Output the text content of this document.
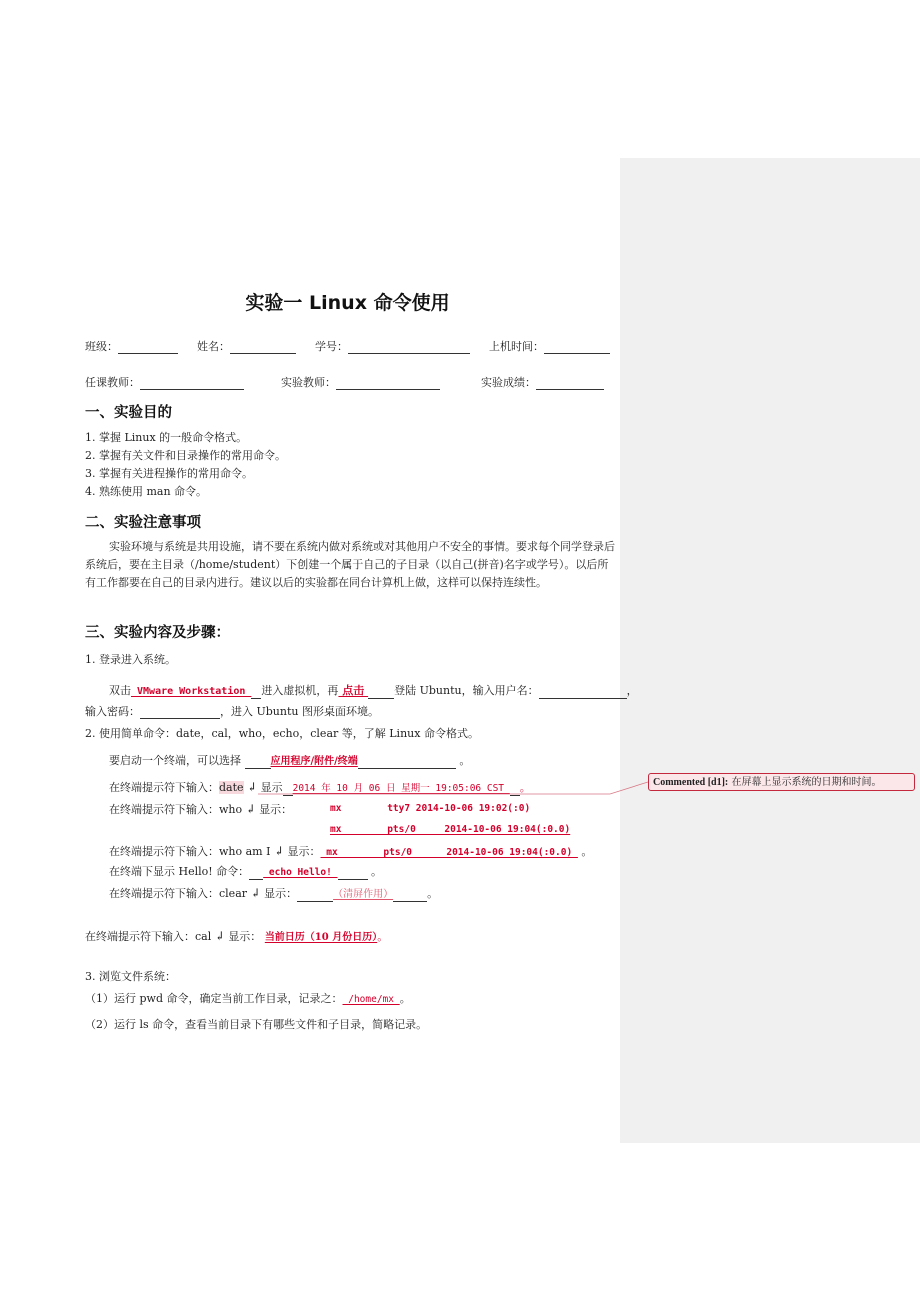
实验一 Linux 命令使用
班级：	姓名：	学号：	上机时间：
任课教师：	实验教师：	实验成绩：
一、实验目的
1. 掌握 Linux 的一般命令格式。
2. 掌握有关文件和目录操作的常用命令。
3. 掌握有关进程操作的常用命令。
4. 熟练使用 man 命令。
二、实验注意事项
实验环境与系统是共用设施，请不要在系统内做对系统或对其他用户不安全的事情。要求每个同学登录后系统后，要在主目录（/home/student）下创建一个属于自己的子目录（以自己(拼音)名字或学号）。以后所有工作都要在自己的目录内进行。建议以后的实验都在同台计算机上做，这样可以保持连续性。
三、实验内容及步骤：
1. 登录进入系统。
双击 VMware Workstation 进入虚拟机，再 点击 登陆 Ubuntu，输入用户名：	，
输入密码：	，进入 Ubuntu 图形桌面环境。
2. 使用简单命令：date，cal，who，echo，clear 等，了解 Linux 命令格式。
要启动一个终端，可以选择	应用程序/附件/终端	。
在终端提示符下输入：date ↲ 显示 2014 年 10 月 06 日 星期一 19:05:06 CST 。
在终端提示符下输入：who ↲ 显示：	mx        tty7 2014-10-06 19:02(:0)
mx        pts/0     2014-10-06 19:04(:0.0)
在终端提示符下输入：who am I ↲ 显示： mx        pts/0      2014-10-06 19:04(:0.0)  。
在终端下显示 Hello! 命令： echo Hello!	。
在终端提示符下输入：clear ↲ 显示：	（清屏作用）	。
在终端提示符下输入：cal ↲ 显示： 当前日历（10 月份日历）。
3. 浏览文件系统：
（1）运行 pwd 命令，确定当前工作目录，记录之： /home/mx 。
（2）运行 ls 命令，查看当前目录下有哪些文件和子目录，简略记录。
Commented [d1]: 在屏幕上显示系统的日期和时间。
